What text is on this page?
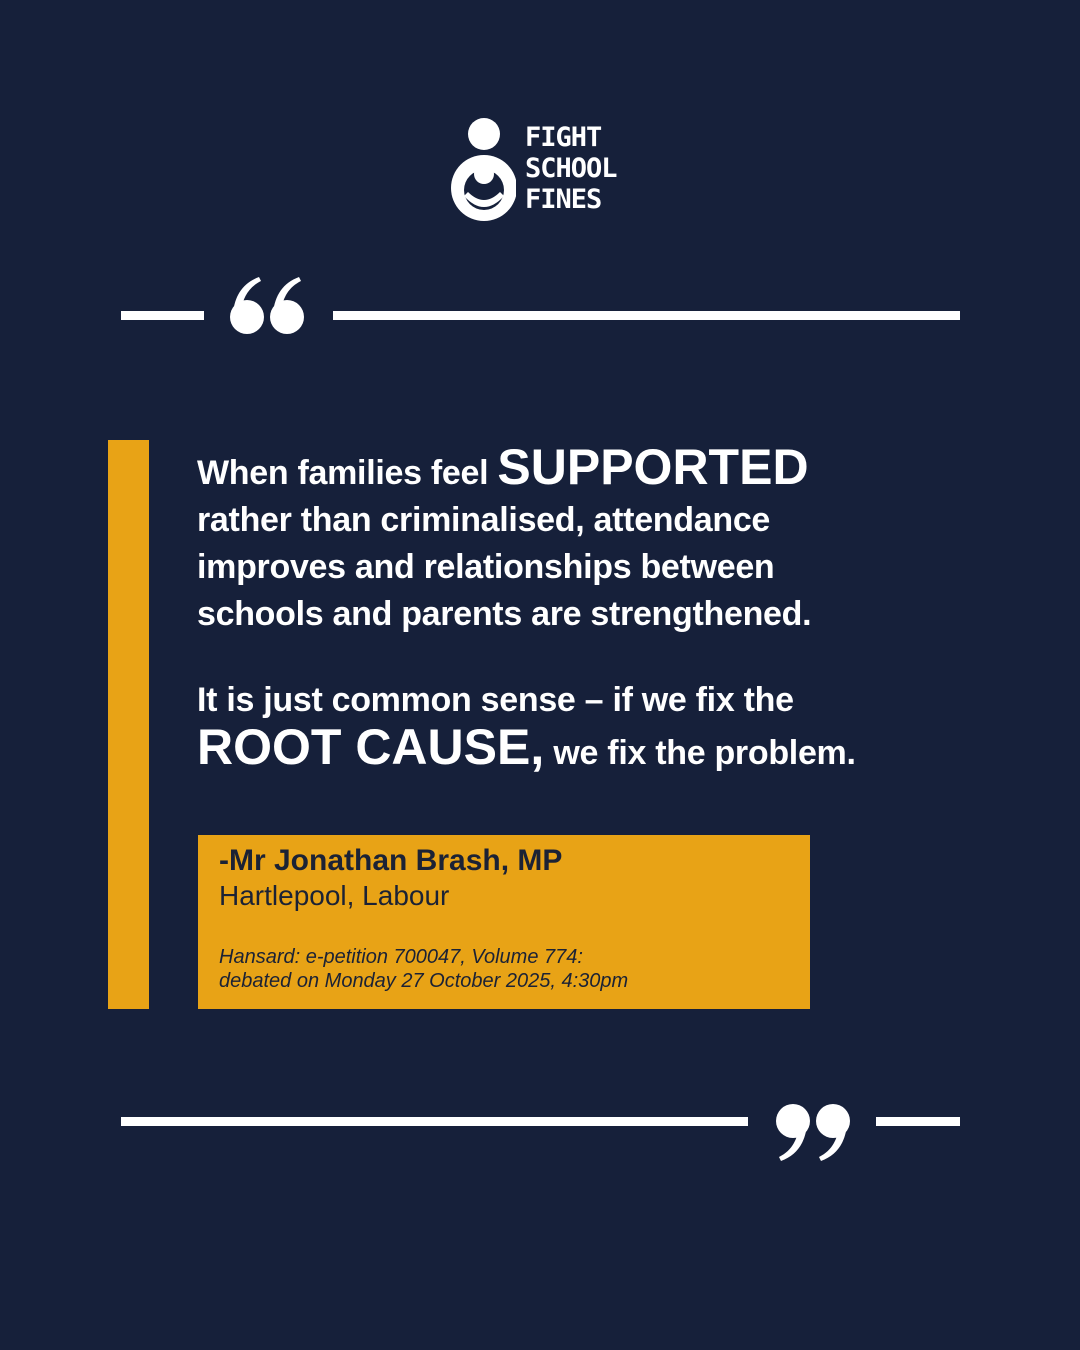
FIGHT
SCHOOL
FINES

When families feel SUPPORTED
rather than criminalised, attendance
improves and relationships between
schools and parents are strengthened.

It is just common sense – if we fix the
ROOT CAUSE, we fix the problem.

-Mr Jonathan Brash, MP
Hartlepool, Labour
Hansard: e-petition 700047, Volume 774:
debated on Monday 27 October 2025, 4:30pm
